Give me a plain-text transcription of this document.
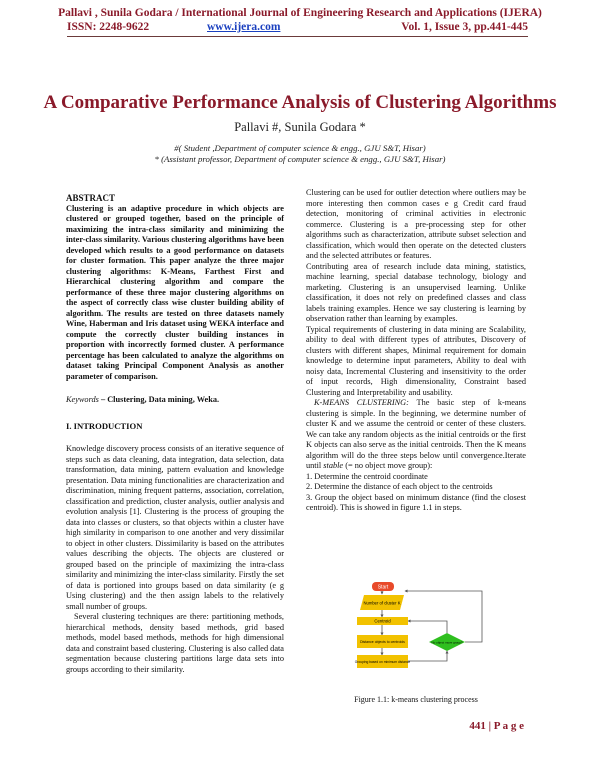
Pallavi , Sunila Godara / International Journal of Engineering Research and Applications (IJERA)
ISSN: 2248-9622	www.ijera.com	Vol. 1, Issue 3, pp.441-445
A Comparative Performance Analysis of Clustering Algorithms
Pallavi #, Sunila Godara *
#( Student ,Department of computer science & engg., GJU S&T, Hisar)
* (Assistant professor, Department of computer science & engg., GJU S&T, Hisar)

ABSTRACT

Clustering is an adaptive procedure in which objects are clustered or grouped together, based on the principle of maximizing the intra-class similarity and minimizing the inter-class similarity. Various clustering algorithms have been developed which results to a good performance on datasets for cluster formation. This paper analyze the three major clustering algorithms: K-Means, Farthest First and Hierarchical clustering algorithm and compare the performance of these three major clustering algorithms on the aspect of correctly class wise cluster building ability of algorithm. The results are tested on three datasets namely Wine, Haberman and Iris dataset using WEKA interface and compute the correctly cluster building instances in proportion with incorrectly formed cluster. A performance percentage has been calculated to analyze the algorithms on dataset taking Principal Component Analysis as another parameter of comparison.

Keywords – Clustering, Data mining, Weka.

I. INTRODUCTION

Knowledge discovery process consists of an iterative sequence of steps such as data cleaning, data integration, data selection, data transformation, data mining, pattern evaluation and knowledge presentation. Data mining functionalities are characterization and discrimination, mining frequent patterns, association, correlation, classification and prediction, cluster analysis, outlier analysis and evolution analysis [1]. Clustering is the process of grouping the data into classes or clusters, so that objects within a cluster have high similarity in comparison to one another and very dissimilar to object in other clusters. Dissimilarity is based on the attributes values describing the objects. The objects are clustered or grouped based on the principle of maximizing the intra-class similarity and minimizing the inter-class similarity. Firstly the set of data is portioned into groups based on data similarity (e g Using clustering) and the then assign labels to the relatively small number of groups.

Several clustering techniques are there: partitioning methods, hierarchical methods, density based methods, grid based methods, model based methods, methods for high dimensional data and constraint based clustering. Clustering is also called data segmentation because clustering partitions large data sets into groups according to their similarity.

Clustering can be used for outlier detection where outliers may be more interesting then common cases e g Credit card fraud detection, monitoring of criminal activities in electronic commerce. Clustering is a pre-processing step for other algorithms such as characterization, attribute subset selection and classification, which would then operate on the detected clusters and the selected attributes or features.

Contributing area of research include data mining, statistics, machine learning, special database technology, biology and marketing. Clustering is an unsupervised learning. Unlike classification, it does not rely on predefined classes and class labels training examples. Hence we say clustering is learning by observation rather than learning by examples.

Typical requirements of clustering in data mining are Scalability, ability to deal with different types of attributes, Discovery of clusters with different shapes, Minimal requirement for domain knowledge to determine input parameters, Ability to deal with noisy data, Incremental Clustering and insensitivity to the order of input records, High dimensionality, Constraint based Clustering and Interpretability and usability.

K-MEANS CLUSTERING: The basic step of k-means clustering is simple. In the beginning, we determine number of cluster K and we assume the centroid or center of these clusters. We can take any random objects as the initial centroids or the first K objects can also serve as the initial centroids. Then the K means algorithm will do the three steps below until convergence.Iterate until stable (= no object move group):

1. Determine the centroid coordinate

2. Determine the distance of each object to the centroids

3. Group the object based on minimum distance (find the closest centroid). This is showed in figure 1.1 in steps.

Start
Number of cluster K
Centroid
Distance objects to centroids
Grouping based on minimum distance
No object move group?
Figure 1.1: k-means clustering process
441 | P a g e
